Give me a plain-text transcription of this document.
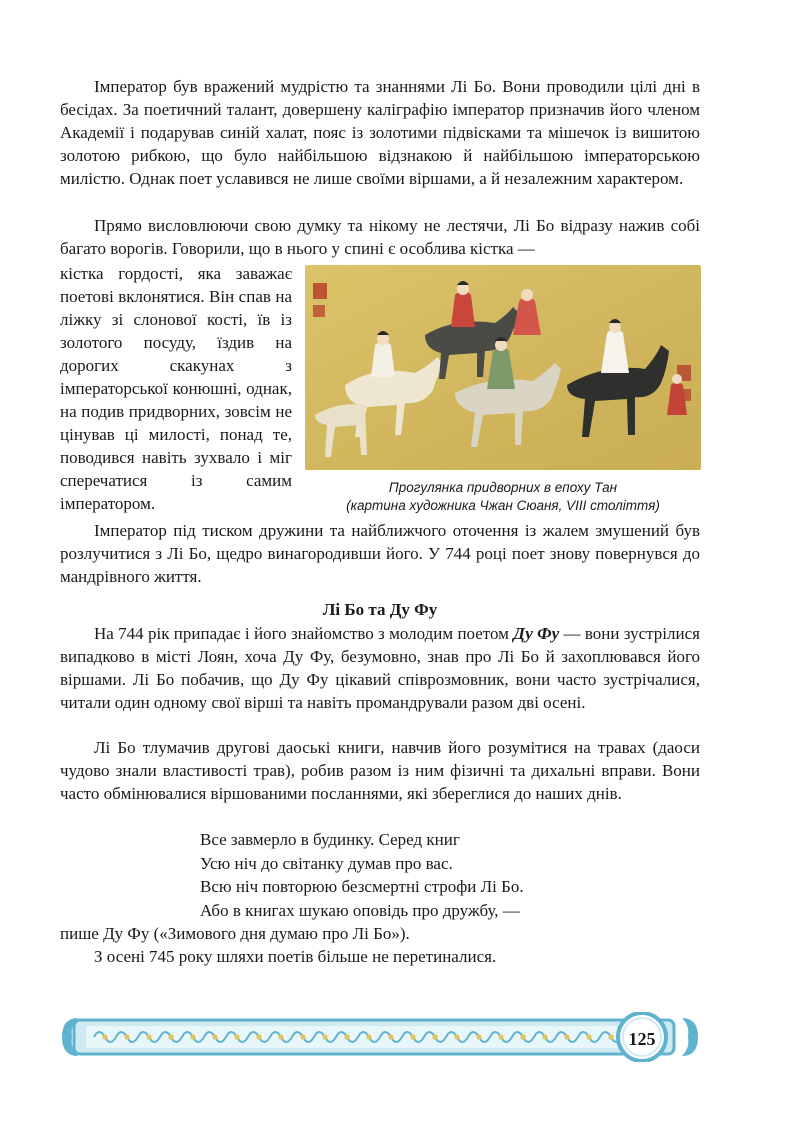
Імператор був вражений мудрістю та знаннями Лі Бо. Вони проводили цілі дні в бесідах. За поетичний талант, довершену каліграфію імператор призначив його членом Академії і подарував синій халат, пояс із золотими підвісками та мішечок із вишитою золотою рибкою, що було найбільшою відзнакою й найбільшою імператорською милістю. Однак поет уславився не лише своїми віршами, а й незалежним характером.

Прямо висловлюючи свою думку та нікому не лестячи, Лі Бо відразу нажив собі багато ворогів. Говорили, що в нього у спині є особлива кістка —

кістка гордості, яка заважає поетові вклонятися. Він спав на ліжку зі слонової кості, їв із золотого посуду, їздив на дорогих скакунах з імператорської конюшні, однак, на подив придворних, зовсім не цінував ці милості, понад те, поводився навіть зухвало і міг сперечатися із самим імператором.

Прогулянка придворних в епоху Тан
(картина художника Чжан Сюаня, VIII століття)

Імператор під тиском дружини та найближчого оточення із жалем змушений був розлучитися з Лі Бо, щедро винагородивши його. У 744 році поет знову повернувся до мандрівного життя.

Лі Бо та Ду Фу

На 744 рік припадає і його знайомство з молодим поетом Ду Фу — вони зустрілися випадково в місті Лоян, хоча Ду Фу, безумовно, знав про Лі Бо й захоплювався його віршами. Лі Бо побачив, що Ду Фу цікавий співрозмовник, вони часто зустрічалися, читали один одному свої вірші та навіть промандрували разом дві осені.

Лі Бо тлумачив другові даоські книги, навчив його розумітися на травах (даоси чудово знали властивості трав), робив разом із ним фізичні та дихальні вправи. Вони часто обмінювалися віршованими посланнями, які збереглися до наших днів.

Все завмерло в будинку. Серед книг
Усю ніч до світанку думав про вас.
Всю ніч повторюю безсмертні строфи Лі Бо.
Або в книгах шукаю оповідь про дружбу, —

пише Ду Фу («Зимового дня думаю про Лі Бо»).

З осені 745 року шляхи поетів більше не перетиналися.

125
